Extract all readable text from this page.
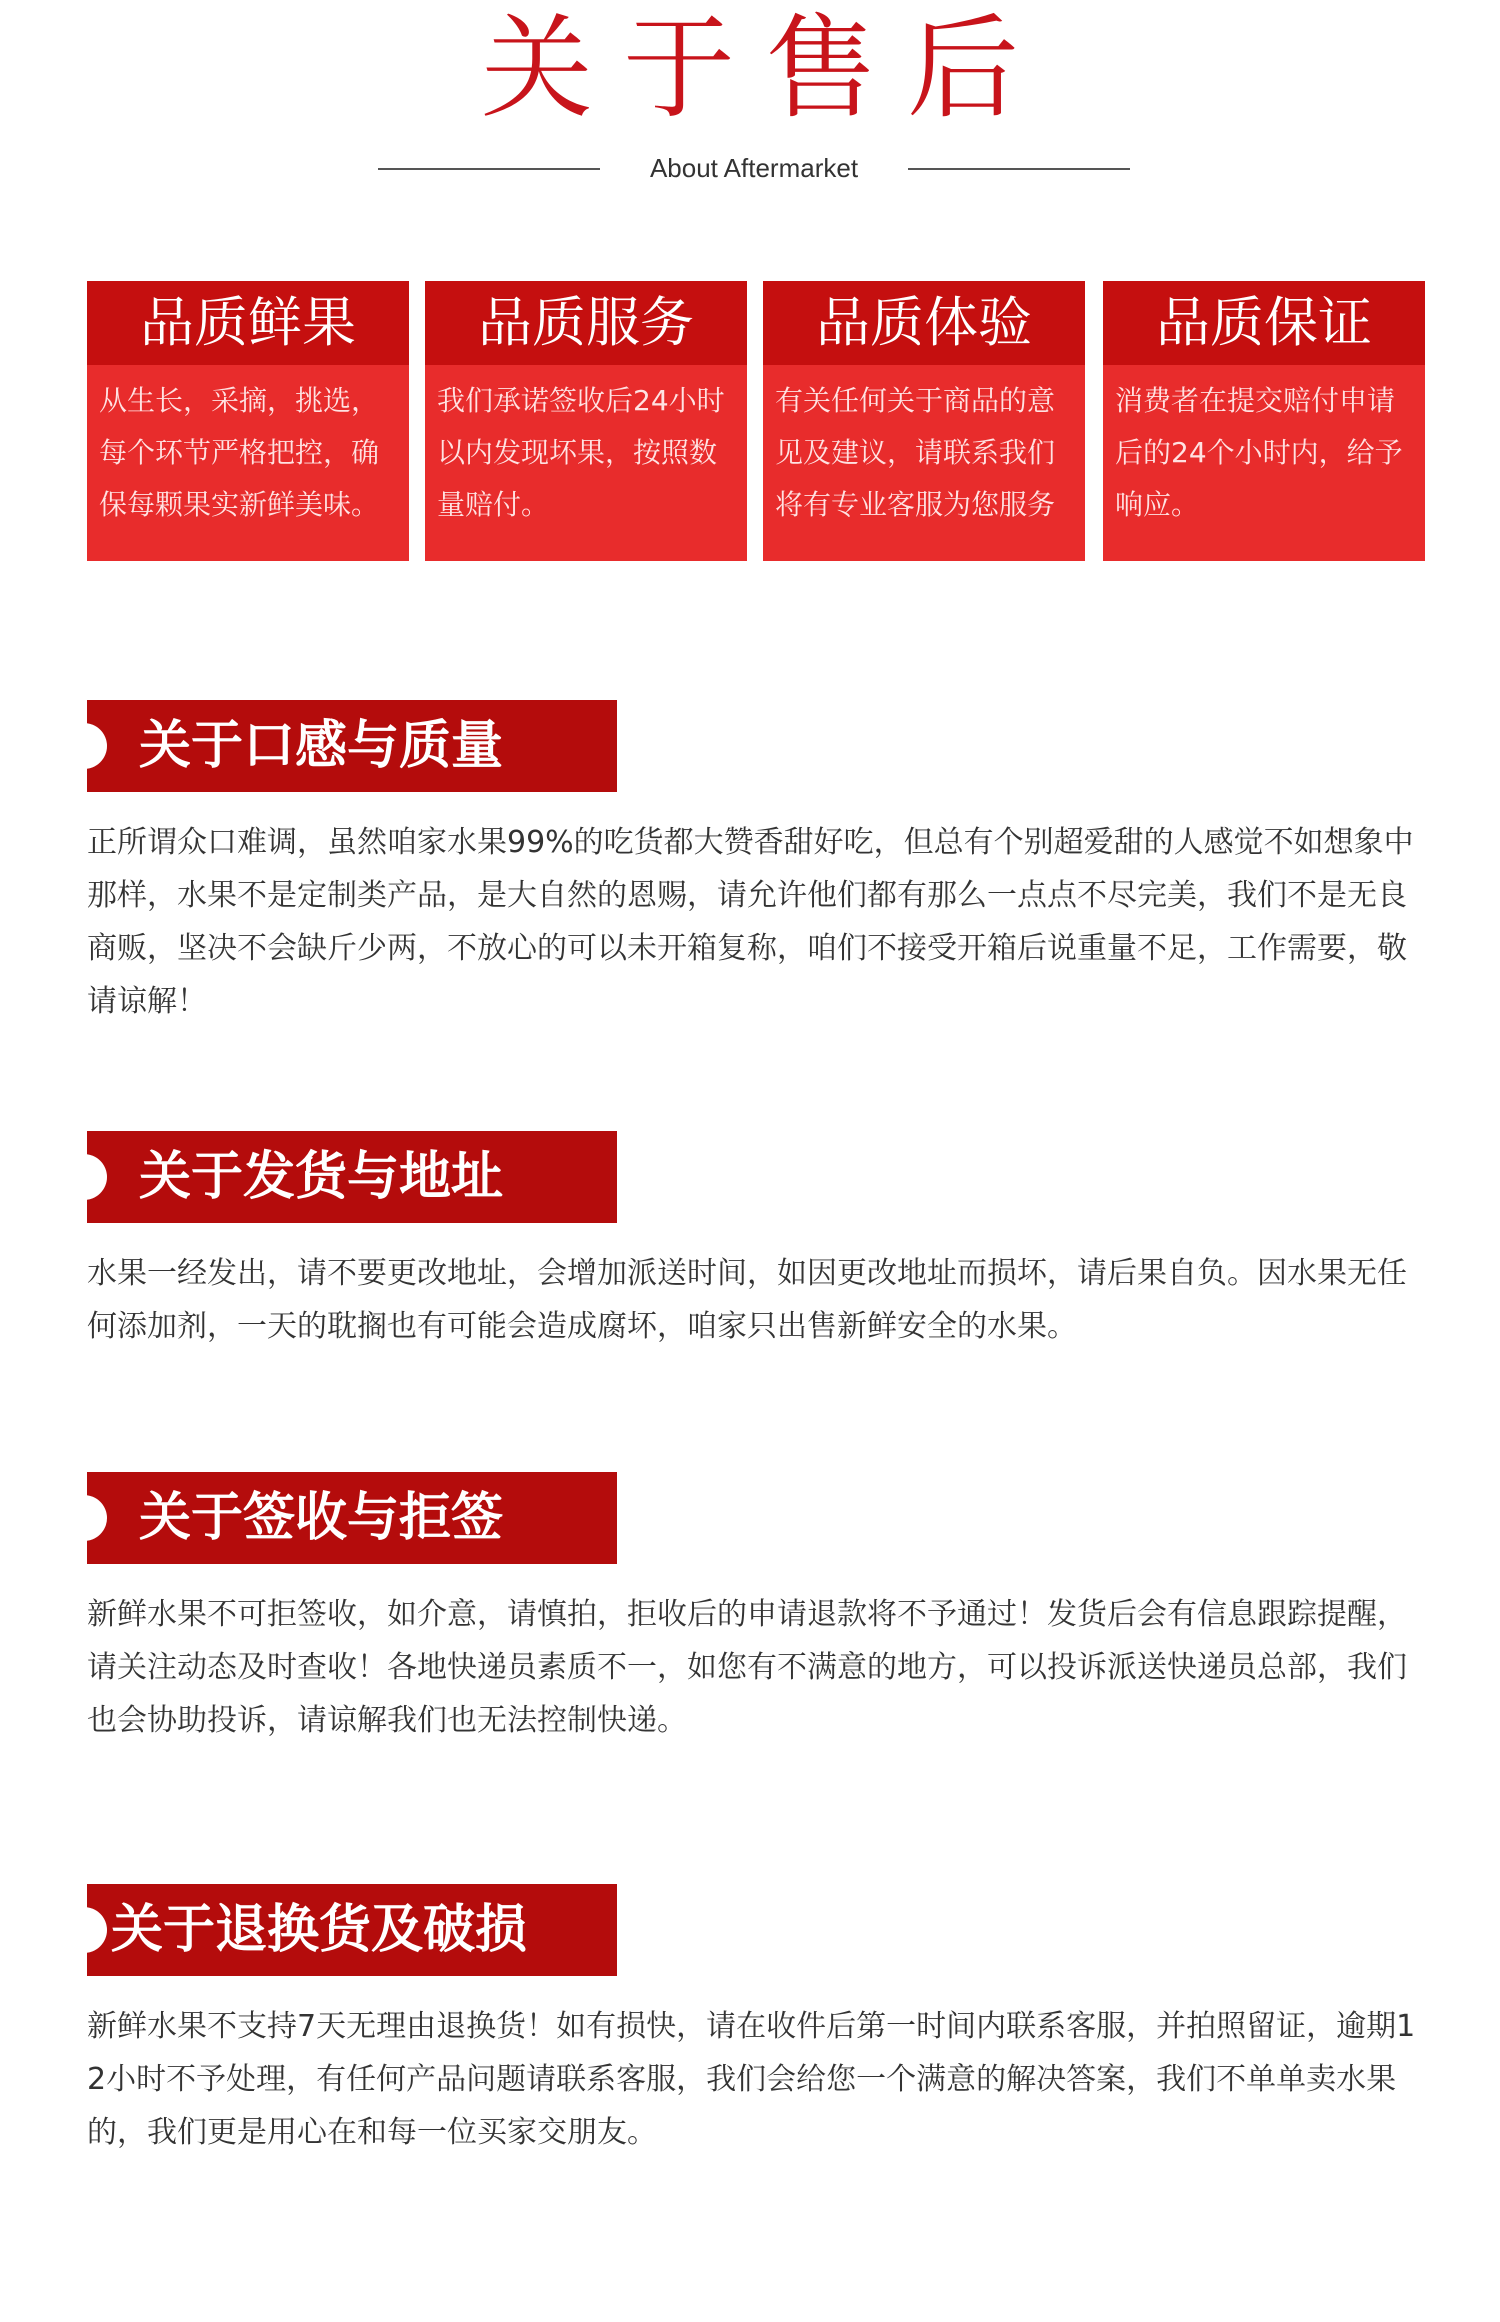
关于售后
About Aftermarket
品质鲜果
从生长，采摘，挑选，每个环节严格把控，确保每颗果实新鲜美味。
品质服务
我们承诺签收后24小时以内发现坏果，按照数量赔付。
品质体验
有关任何关于商品的意见及建议，请联系我们将有专业客服为您服务
品质保证
消费者在提交赔付申请后的24个小时内，给予响应。
关于口感与质量
正所谓众口难调，虽然咱家水果99%的吃货都大赞香甜好吃，但总有个别超爱甜的人感觉不如想象中那样，水果不是定制类产品，是大自然的恩赐，请允许他们都有那么一点点不尽完美，我们不是无良商贩，坚决不会缺斤少两，不放心的可以未开箱复称，咱们不接受开箱后说重量不足，工作需要，敬请谅解！
关于发货与地址
水果一经发出，请不要更改地址，会增加派送时间，如因更改地址而损坏，请后果自负。因水果无任何添加剂，一天的耽搁也有可能会造成腐坏，咱家只出售新鲜安全的水果。
关于签收与拒签
新鲜水果不可拒签收，如介意，请慎拍，拒收后的申请退款将不予通过！发货后会有信息跟踪提醒，请关注动态及时查收！各地快递员素质不一，如您有不满意的地方，可以投诉派送快递员总部，我们也会协助投诉，请谅解我们也无法控制快递。
关于退换货及破损
新鲜水果不支持7天无理由退换货！如有损快，请在收件后第一时间内联系客服，并拍照留证，逾期12小时不予处理，有任何产品问题请联系客服，我们会给您一个满意的解决答案，我们不单单卖水果的，我们更是用心在和每一位买家交朋友。
